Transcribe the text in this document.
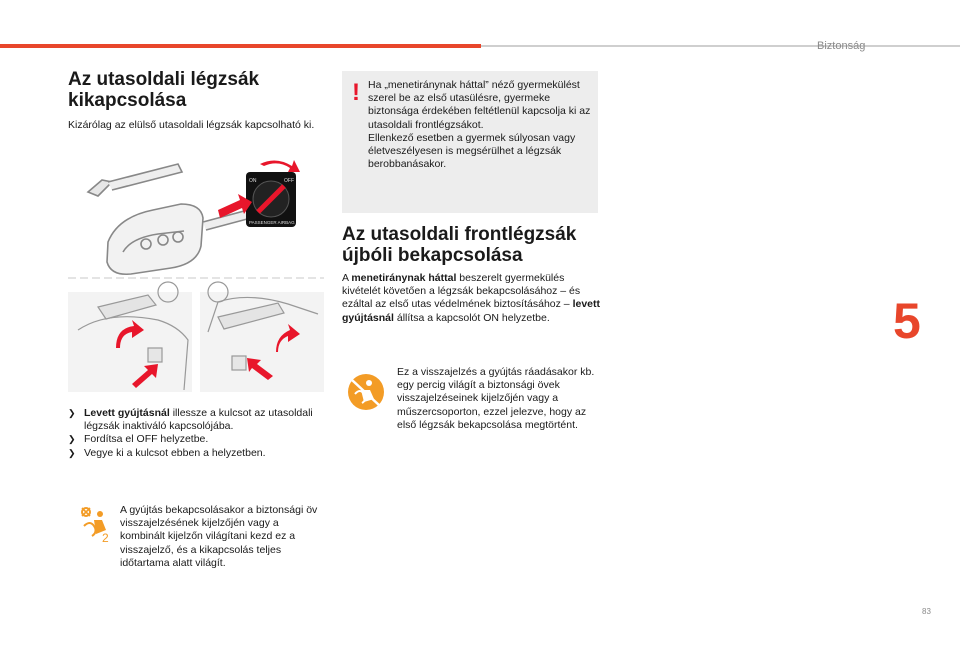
Biztonság
5
83
Az utasoldali légzsák
kikapcsolása
Kizárólag az elülső utasoldali légzsák kapcsolható ki.
ON	OFF
PASSENGER AIRBAG
❯ Levett gyújtásnál illessze a kulcsot az utasoldali légzsák inaktiváló kapcsolójába.
❯ Fordítsa el OFF helyzetbe.
❯ Vegye ki a kulcsot ebben a helyzetben.
2
A gyújtás bekapcsolásakor a biztonsági öv visszajelzésének kijelzőjén vagy a kombinált kijelzőn világítani kezd ez a visszajelző, és a kikapcsolás teljes időtartama alatt világít.
! Ha „menetiránynak háttal” néző gyermekülést szerel be az első utasülésre, gyermeke biztonsága érdekében feltétlenül kapcsolja ki az utasoldali frontlégzsákot.
Ellenkező esetben a gyermek súlyosan vagy életveszélyesen is megsérülhet a légzsák berobbanásakor.
Az utasoldali frontlégzsák
újbóli bekapcsolása
A menetiránynak háttal beszerelt gyermekülés kivételét követően a légzsák bekapcsolásához – és ezáltal az első utas védelmének biztosításához – levett gyújtásnál állítsa a kapcsolót ON helyzetbe.
Ez a visszajelzés a gyújtás ráadásakor kb. egy percig világít a biztonsági övek visszajelzéseinek kijelzőjén vagy a műszercsoporton, ezzel jelezve, hogy az első légzsák bekapcsolása megtörtént.
